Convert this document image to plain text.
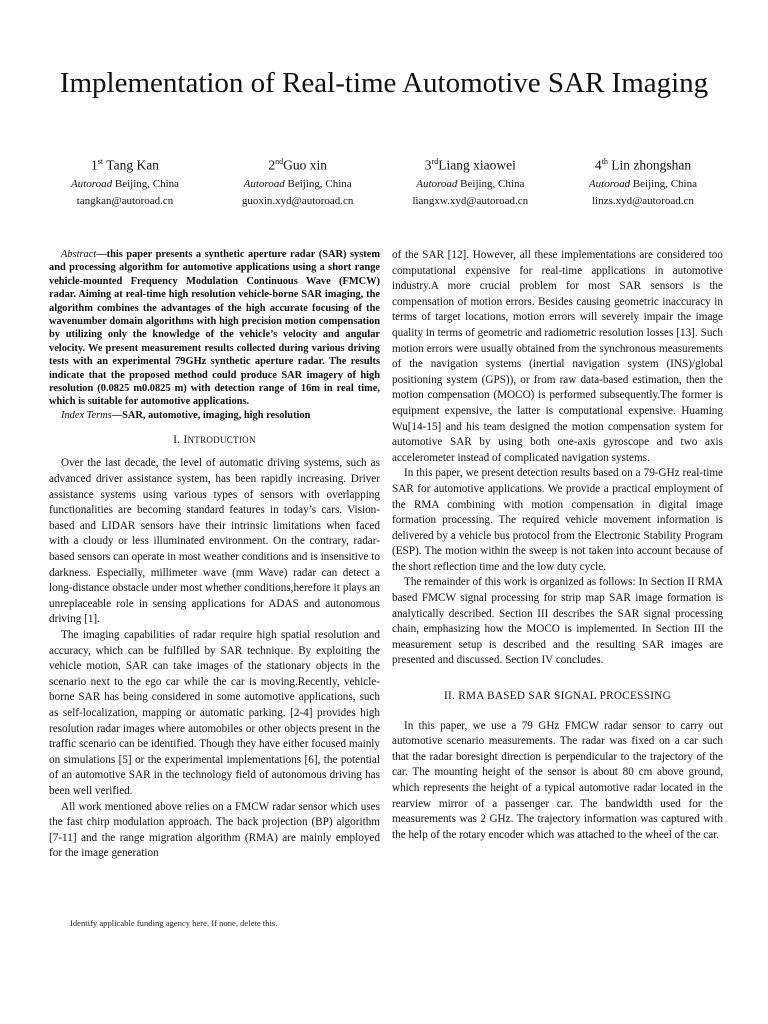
Implementation of Real-time Automotive SAR Imaging
1st Tang Kan
Autoroad Beijing, China
tangkan@autoroad.cn
2ndGuo xin
Autoroad Beijing, China
guoxin.xyd@autoroad.cn
3rdLiang xiaowei
Autoroad Beijing, China
liangxw.xyd@autoroad.cn
4th Lin zhongshan
Autoroad Beijing, China
linzs.xyd@autoroad.cn

Abstract—this paper presents a synthetic aperture radar (SAR) system and processing algorithm for automotive applications using a short range vehicle-mounted Frequency Modulation Continuous Wave (FMCW) radar. Aiming at real-time high resolution vehicle-borne SAR imaging, the algorithm combines the advantages of the high accurate focusing of the wavenumber domain algorithms with high precision motion compensation by utilizing only the knowledge of the vehicle’s velocity and angular velocity. We present measurement results collected during various driving tests with an experimental 79GHz synthetic aperture radar. The results indicate that the proposed method could produce SAR imagery of high resolution (0.0825 m0.0825 m) with detection range of 16m in real time, which is suitable for automotive applications.

Index Terms—SAR, automotive, imaging, high resolution

I. INTRODUCTION

Over the last decade, the level of automatic driving systems, such as advanced driver assistance system, has been rapidly increasing. Driver assistance systems using various types of sensors with overlapping functionalities are becoming standard features in today’s cars. Vision-based and LIDAR sensors have their intrinsic limitations when faced with a cloudy or less illuminated environment. On the contrary, radar-based sensors can operate in most weather conditions and is insensitive to darkness. Especially, millimeter wave (mm Wave) radar can detect a long-distance obstacle under most whether conditions,herefore it plays an unreplaceable role in sensing applications for ADAS and autonomous driving [1].

The imaging capabilities of radar require high spatial resolution and accuracy, which can be fulfilled by SAR technique. By exploiting the vehicle motion, SAR can take images of the stationary objects in the scenario next to the ego car while the car is moving.Recently, vehicle-borne SAR has being considered in some automotive applications, such as self-localization, mapping or automatic parking. [2-4] provides high resolution radar images where automobiles or other objects present in the traffic scenario can be identified. Though they have either focused mainly on simulations [5] or the experimental implementations [6], the potential of an automotive SAR in the technology field of autonomous driving has been well verified.

All work mentioned above relies on a FMCW radar sensor which uses the fast chirp modulation approach. The back projection (BP) algorithm [7-11] and the range migration algorithm (RMA) are mainly employed for the image generation

of the SAR [12]. However, all these implementations are considered too computational expensive for real-time applications in automotive industry.A more crucial problem for most SAR sensors is the compensation of motion errors. Besides causing geometric inaccuracy in terms of target locations, motion errors will severely impair the image quality in terms of geometric and radiometric resolution losses [13]. Such motion errors were usually obtained from the synchronous measurements of the navigation systems (inertial navigation system (INS)/global positioning system (GPS)), or from raw data-based estimation, then the motion compensation (MOCO) is performed subsequently.The former is equipment expensive, the latter is computational expensive. Huaming Wu[14-15] and his team designed the motion compensation system for automotive SAR by using both one-axis gyroscope and two axis accelerometer instead of complicated navigation systems.

In this paper, we present detection results based on a 79-GHz real-time SAR for automotive applications. We provide a practical employment of the RMA combining with motion compensation in digital image formation processing. The required vehicle movement information is delivered by a vehicle bus protocol from the Electronic Stability Program (ESP). The motion within the sweep is not taken into account because of the short reflection time and the low duty cycle.

The remainder of this work is organized as follows: In Section II RMA based FMCW signal processing for strip map SAR image formation is analytically described. Section III describes the SAR signal processing chain, emphasizing how the MOCO is implemented. In Section III the measurement setup is described and the resulting SAR images are presented and discussed. Section IV concludes.

II. RMA BASED SAR SIGNAL PROCESSING

In this paper, we use a 79 GHz FMCW radar sensor to carry out automotive scenario measurements. The radar was fixed on a car such that the radar boresight direction is perpendicular to the trajectory of the car. The mounting height of the sensor is about 80 cm above ground, which represents the height of a typical automotive radar located in the rearview mirror of a passenger car. The bandwidth used for the measurements was 2 GHz. The trajectory information was captured with the help of the rotary encoder which was attached to the wheel of the car.

Identify applicable funding agency here. If none, delete this.
